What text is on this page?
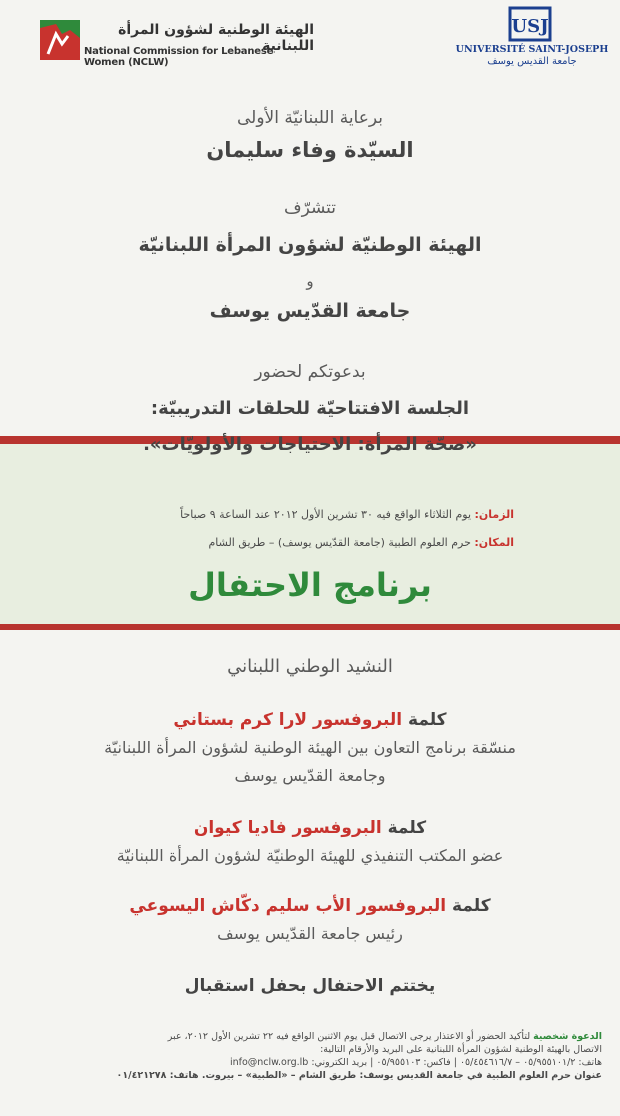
الهيئة الوطنية لشؤون المرأة اللبنانية
National Commission for Lebanese Women (NCLW)
USJ
UNIVERSITÉ SAINT-JOSEPH
جامعة القديس يوسف
برعاية اللبنانيّة الأولى
السيّدة وفاء سليمان
تتشرّف
الهيئة الوطنيّة لشؤون المرأة اللبنانيّة
و
جامعة القدّيس يوسف
بدعوتكم لحضور
الجلسة الافتتاحيّة للحلقات التدريبيّة:
«صحّة المرأة: الاحتياجات والأولويّات».
الزمان: يوم الثلاثاء الواقع فيه ٣٠ تشرين الأول ٢٠١٢ عند الساعة ٩ صباحاً
المكان: حرم العلوم الطبية (جامعة القدّيس يوسف) – طريق الشام
برنامج الاحتفال
النشيد الوطني اللبناني
كلمة البروفسور لارا كرم بستاني
منسّقة برنامج التعاون بين الهيئة الوطنية لشؤون المرأة اللبنانيّة
وجامعة القدّيس يوسف
كلمة البروفسور فاديا كيوان
عضو المكتب التنفيذي للهيئة الوطنيّة لشؤون المرأة اللبنانيّة
كلمة البروفسور الأب سليم دكّاش اليسوعي
رئيس جامعة القدّيس يوسف
يختتم الاحتفال بحفل استقبال
الدعوة شخصية لتأكيد الحضور أو الاعتذار يرجى الاتصال قبل يوم الاثنين الواقع فيه ٢٢ تشرين الأول ٢٠١٢، عبر
الاتصال بالهيئة الوطنية لشؤون المرأة اللبنانية على البريد والأرقام التالية:
هاتف: ٠٥/٩٥٥١٠١/٢ – ٠٥/٤٥٤٦١٦/٧ | فاكس: ٠٥/٩٥٥١٠٣ | بريد الكتروني: info@nclw.org.lb
عنوان حرم العلوم الطبية في جامعة القديس يوسف: طريق الشام – «الطبية» – بيروت. هاتف: ٠١/٤٢١٢٧٨
